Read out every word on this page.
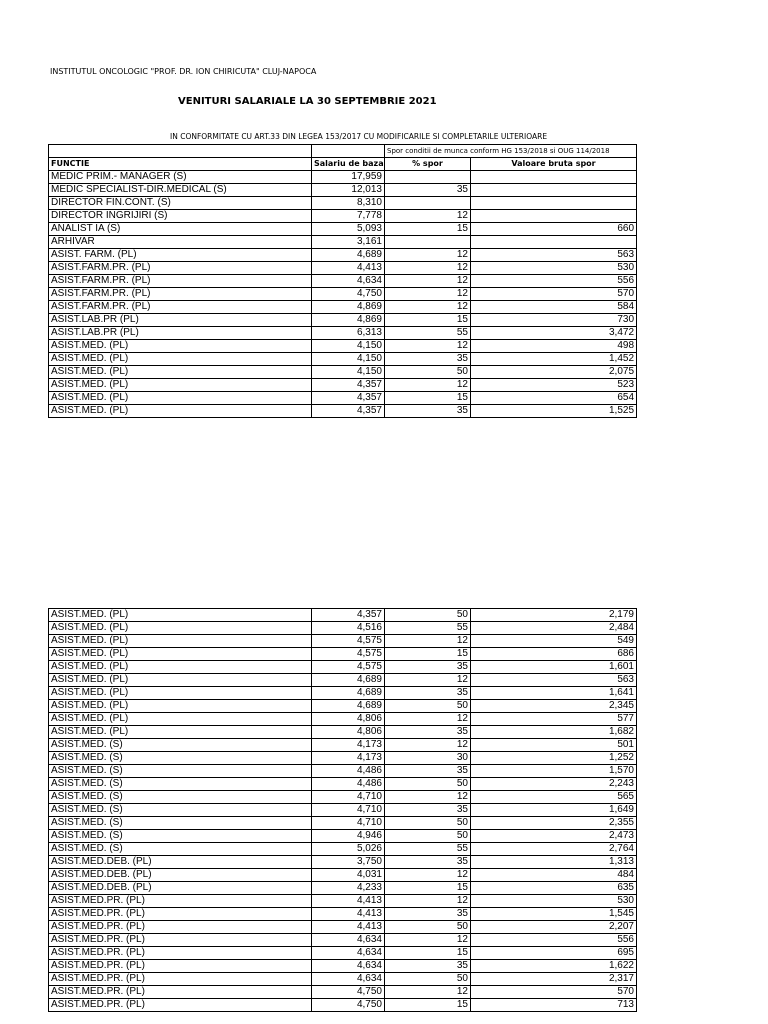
INSTITUTUL ONCOLOGIC "PROF. DR. ION CHIRICUTA" CLUJ-NAPOCA
VENITURI SALARIALE LA 30 SEPTEMBRIE 2021
IN CONFORMITATE CU ART.33 DIN LEGEA 153/2017 CU MODIFICARILE SI COMPLETARILE ULTERIOARE
		Spor conditii de munca conform HG 153/2018 si OUG 114/2018	
FUNCTIE	Salariu de baza	% spor	Valoare bruta spor
MEDIC PRIM.- MANAGER (S)	17,959		
MEDIC SPECIALIST-DIR.MEDICAL (S)	12,013	35	
DIRECTOR FIN.CONT. (S)	8,310		
DIRECTOR INGRIJIRI (S)	7,778	12	
ANALIST IA (S)	5,093	15	660
ARHIVAR	3,161		
ASIST. FARM. (PL)	4,689	12	563
ASIST.FARM.PR. (PL)	4,413	12	530
ASIST.FARM.PR. (PL)	4,634	12	556
ASIST.FARM.PR. (PL)	4,750	12	570
ASIST.FARM.PR. (PL)	4,869	12	584
ASIST.LAB.PR (PL)	4,869	15	730
ASIST.LAB.PR (PL)	6,313	55	3,472
ASIST.MED. (PL)	4,150	12	498
ASIST.MED. (PL)	4,150	35	1,452
ASIST.MED. (PL)	4,150	50	2,075
ASIST.MED. (PL)	4,357	12	523
ASIST.MED. (PL)	4,357	15	654
ASIST.MED. (PL)	4,357	35	1,525
ASIST.MED. (PL)	4,357	50	2,179
ASIST.MED. (PL)	4,516	55	2,484
ASIST.MED. (PL)	4,575	12	549
ASIST.MED. (PL)	4,575	15	686
ASIST.MED. (PL)	4,575	35	1,601
ASIST.MED. (PL)	4,689	12	563
ASIST.MED. (PL)	4,689	35	1,641
ASIST.MED. (PL)	4,689	50	2,345
ASIST.MED. (PL)	4,806	12	577
ASIST.MED. (PL)	4,806	35	1,682
ASIST.MED. (S)	4,173	12	501
ASIST.MED. (S)	4,173	30	1,252
ASIST.MED. (S)	4,486	35	1,570
ASIST.MED. (S)	4,486	50	2,243
ASIST.MED. (S)	4,710	12	565
ASIST.MED. (S)	4,710	35	1,649
ASIST.MED. (S)	4,710	50	2,355
ASIST.MED. (S)	4,946	50	2,473
ASIST.MED. (S)	5,026	55	2,764
ASIST.MED.DEB. (PL)	3,750	35	1,313
ASIST.MED.DEB. (PL)	4,031	12	484
ASIST.MED.DEB. (PL)	4,233	15	635
ASIST.MED.PR. (PL)	4,413	12	530
ASIST.MED.PR. (PL)	4,413	35	1,545
ASIST.MED.PR. (PL)	4,413	50	2,207
ASIST.MED.PR. (PL)	4,634	12	556
ASIST.MED.PR. (PL)	4,634	15	695
ASIST.MED.PR. (PL)	4,634	35	1,622
ASIST.MED.PR. (PL)	4,634	50	2,317
ASIST.MED.PR. (PL)	4,750	12	570
ASIST.MED.PR. (PL)	4,750	15	713
